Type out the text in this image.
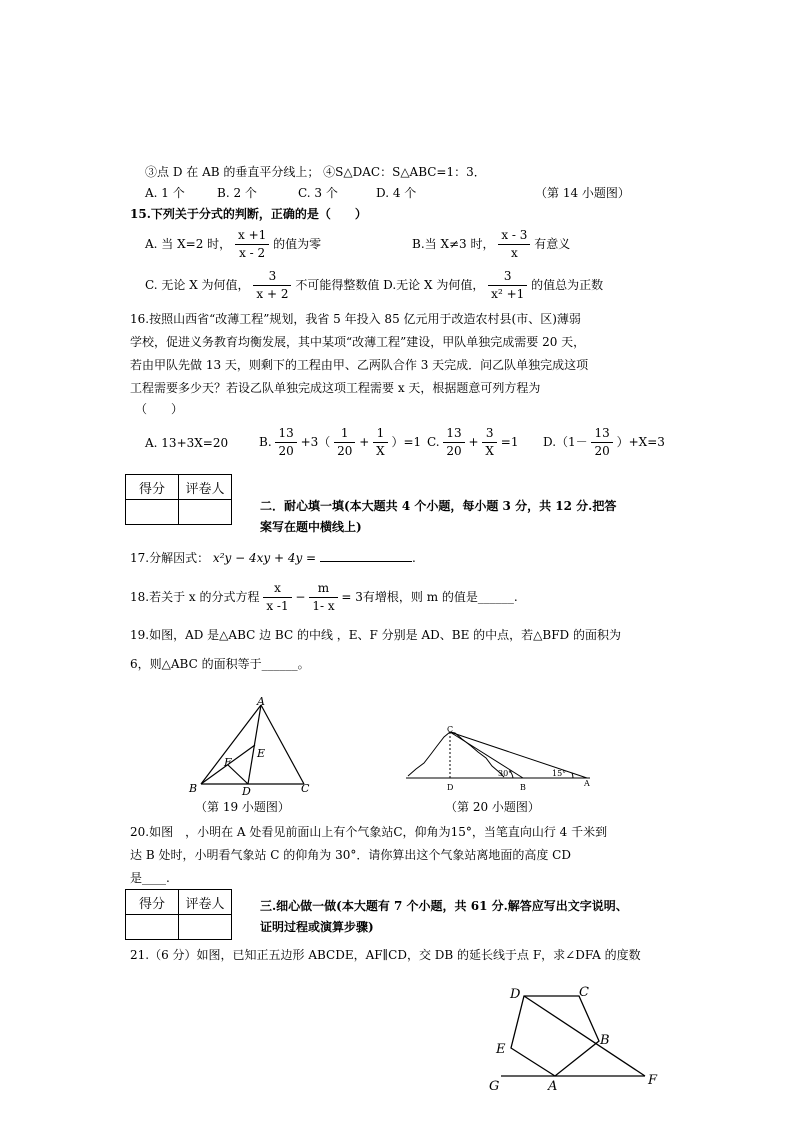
③点 D 在 AB 的垂直平分线上； ④S△DAC：S△ABC=1：3．
A. 1 个	B. 2 个	C. 3 个	D. 4 个	（第 14 小题图）
15.下列关于分式的判断，正确的是（　　）
A. 当 X=2 时， $\frac{x +1}{x - 2}$ 的值为零	B.当 X≠3 时， $\frac{x - 3}{x}$ 有意义
C. 无论 X 为何值， $\frac{3}{x + 2}$ 不可能得整数值 D.无论 X 为何值， $\frac{3}{\text{x² +1}}$ 的值总为正数
16.按照山西省“改薄工程”规划，我省 5 年投入 85 亿元用于改造农村县(市、区)薄弱
学校，促进义务教育均衡发展，其中某项“改薄工程”建设，甲队单独完成需要 20 天，
若由甲队先做 13 天，则剩下的工程由甲、乙两队合作 3 天完成．问乙队单独完成这项
工程需要多少天？若设乙队单独完成这项工程需要 x 天，根据题意可列方程为
（　　）
A. 13+3X=20	B. $\frac{13}{20} +3( \frac{1}{20} + \frac{1}{X} )=1$ C. $\frac{13}{20} + \frac{3}{X} =1$ $D.(1- \frac{13}{20} )+X=3$
得分	评卷人

二．耐心填一填(本大题共 4 个小题，每小题 3 分，共 12 分.把答
案写在题中横线上)
17.分解因式： x²y − 4xy + 4y =	.
18.若关于 x 的分式方程 $\frac{x}{x -1} - \frac{m}{1- x} = 3$有增根，则 m 的值是______.
19.如图，AD 是△ABC 边 BC 的中线 ，E、F 分别是 AD、BE 的中点，若△BFD 的面积为
6，则△ABC 的面积等于______。
A
B	C
D
E
F
（第 19 小题图）
C
D	B	A
30°	15°
（第 20 小题图）
20.如图　，小明在 A 处看见前面山上有个气象站C，仰角为15°，当笔直向山行 4 千米到
达 B 处时，小明看气象站 C 的仰角为 30°．请你算出这个气象站离地面的高度 CD
是____.
得分	评卷人
		三.细心做一做(本大题有 7 个小题，共 61 分.解答应写出文字说明、
证明过程或演算步骤)
21.（6 分）如图，已知正五边形 ABCDE，AF∥CD，交 DB 的延长线于点 F，求∠DFA 的度数
D	C
E
B
G	A	F
